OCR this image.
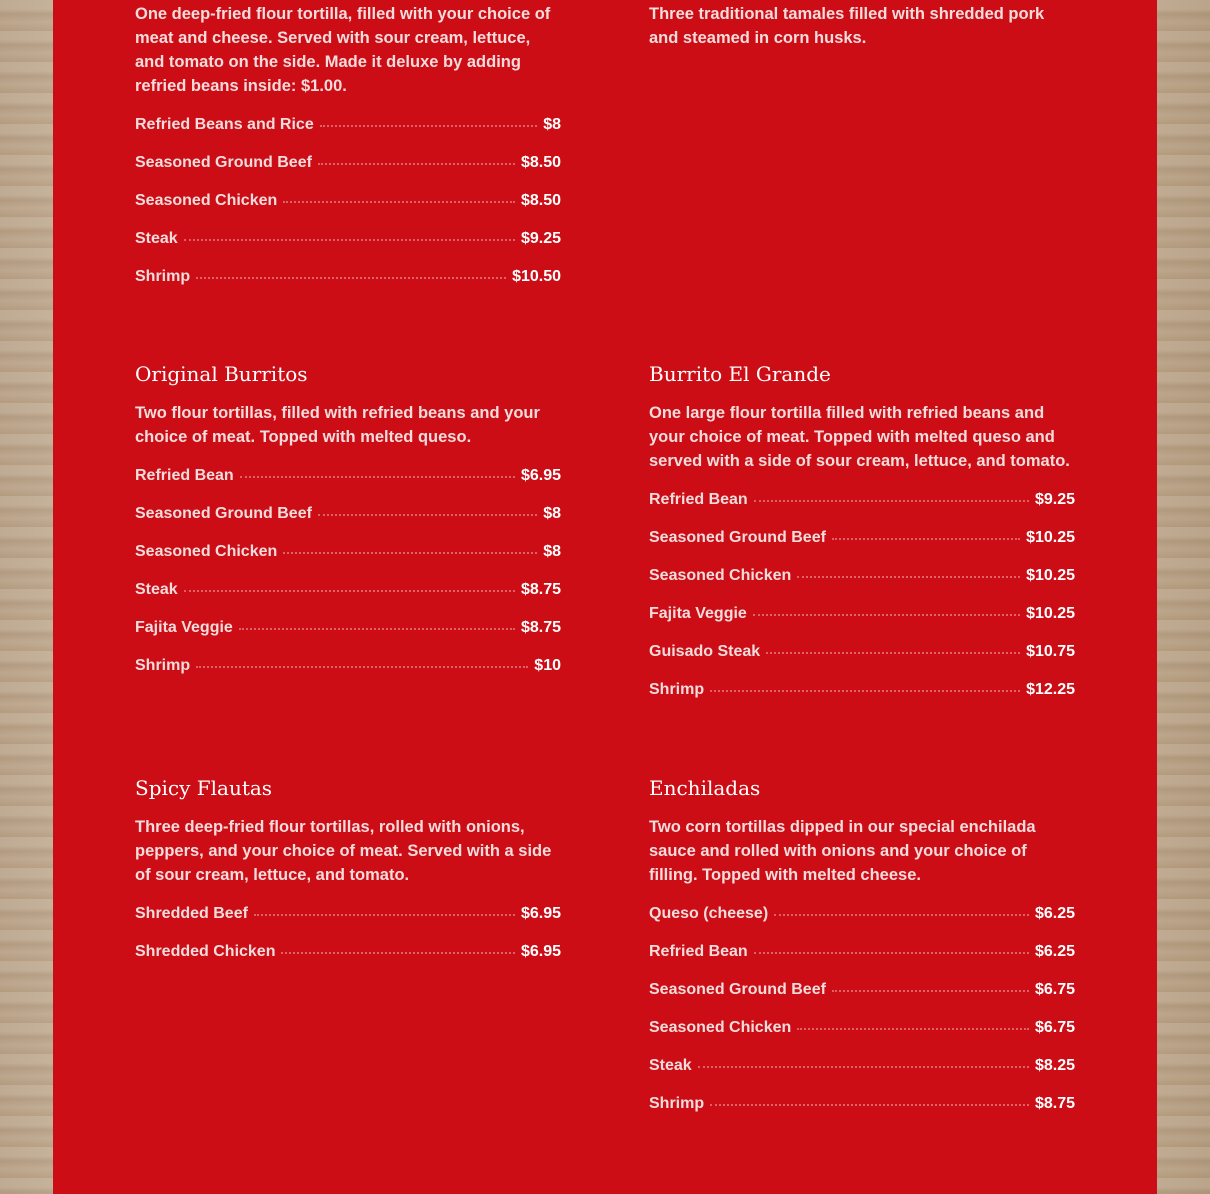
One deep-fried flour tortilla, filled with your choice of meat and cheese. Served with sour cream, lettuce, and tomato on the side. Made it deluxe by adding refried beans inside: $1.00.

Refried Beans and Rice	$8
Seasoned Ground Beef	$8.50
Seasoned Chicken	$8.50
Steak	$9.25
Shrimp	$10.50

Three traditional tamales filled with shredded pork and steamed in corn husks.

Original Burritos

Two flour tortillas, filled with refried beans and your choice of meat. Topped with melted queso.

Refried Bean	$6.95
Seasoned Ground Beef	$8
Seasoned Chicken	$8
Steak	$8.75
Fajita Veggie	$8.75
Shrimp	$10
Burrito El Grande

One large flour tortilla filled with refried beans and your choice of meat. Topped with melted queso and served with a side of sour cream, lettuce, and tomato.

Refried Bean	$9.25
Seasoned Ground Beef	$10.25
Seasoned Chicken	$10.25
Fajita Veggie	$10.25
Guisado Steak	$10.75
Shrimp	$12.25
Spicy Flautas

Three deep-fried flour tortillas, rolled with onions, peppers, and your choice of meat. Served with a side of sour cream, lettuce, and tomato.

Shredded Beef	$6.95
Shredded Chicken	$6.95
Enchiladas

Two corn tortillas dipped in our special enchilada sauce and rolled with onions and your choice of filling. Topped with melted cheese.

Queso (cheese)	$6.25
Refried Bean	$6.25
Seasoned Ground Beef	$6.75
Seasoned Chicken	$6.75
Steak	$8.25
Shrimp	$8.75
